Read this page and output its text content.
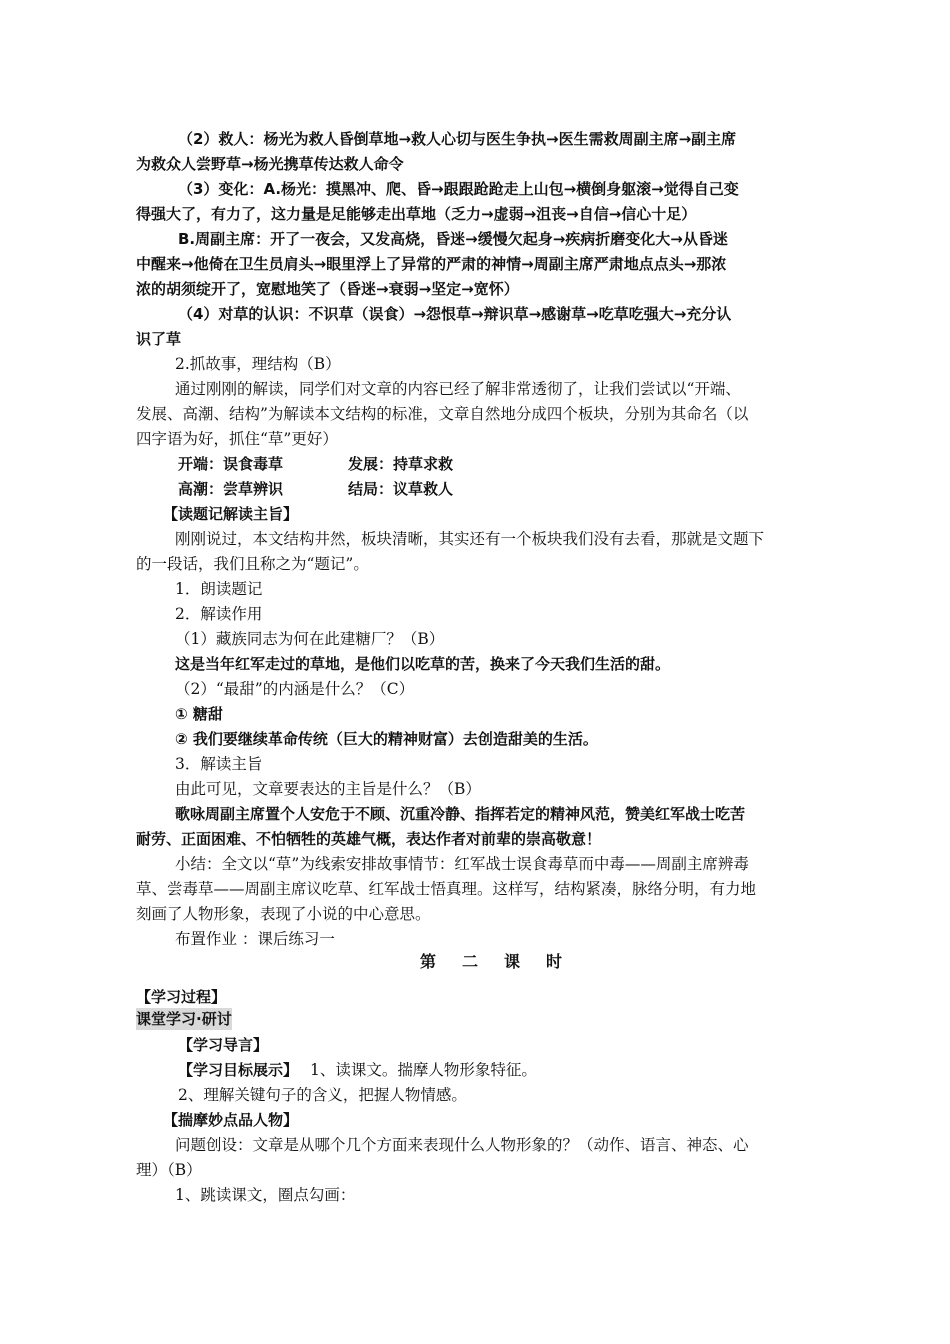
（2）救人：杨光为救人昏倒草地→救人心切与医生争执→医生需救周副主席→副主席
为救众人尝野草→杨光携草传达救人命令
（3）变化：A.杨光：摸黑冲、爬、昏→跟跟跄跄走上山包→横倒身躯滚→觉得自己变
得强大了，有力了，这力量是足能够走出草地（乏力→虚弱→沮丧→自信→信心十足）
B.周副主席：开了一夜会，又发高烧，昏迷→缓慢欠起身→疾病折磨变化大→从昏迷
中醒来→他倚在卫生员肩头→眼里浮上了异常的严肃的神情→周副主席严肃地点点头→那浓
浓的胡须绽开了，宽慰地笑了（昏迷→衰弱→坚定→宽怀）
（4）对草的认识：不识草（误食）→怨恨草→辩识草→感谢草→吃草吃强大→充分认
识了草
2.抓故事，理结构（B）
通过刚刚的解读，同学们对文章的内容已经了解非常透彻了，让我们尝试以“开端、
发展、高潮、结构”为解读本文结构的标准，文章自然地分成四个板块，分别为其命名（以
四字语为好，抓住“草”更好）
开端：误食毒草	发展：持草求救
高潮：尝草辨识	结局：议草救人
【读题记解读主旨】
刚刚说过，本文结构井然，板块清晰，其实还有一个板块我们没有去看，那就是文题下
的一段话，我们且称之为“题记”。
1．朗读题记
2．解读作用
（1）藏族同志为何在此建糖厂？（B）
这是当年红军走过的草地，是他们以吃草的苦，换来了今天我们生活的甜。
（2）“最甜”的内涵是什么？（C）
① 糖甜
② 我们要继续革命传统（巨大的精神财富）去创造甜美的生活。
3．解读主旨
由此可见，文章要表达的主旨是什么？（B）
歌咏周副主席置个人安危于不顾、沉重冷静、指挥若定的精神风范，赞美红军战士吃苦
耐劳、正面困难、不怕牺牲的英雄气概，表达作者对前辈的崇高敬意！
小结：全文以“草”为线索安排故事情节：红军战士误食毒草而中毒——周副主席辨毒
草、尝毒草——周副主席议吃草、红军战士悟真理。这样写，结构紧凑，脉络分明，有力地
刻画了人物形象，表现了小说的中心意思。
布置作业 ：课后练习一
第二课时
【学习过程】
课堂学习·研讨
【学习导言】
【学习目标展示】 1、读课文。揣摩人物形象特征。
2、理解关键句子的含义，把握人物情感。
【揣摩妙点品人物】
问题创设：文章是从哪个几个方面来表现什么人物形象的？（动作、语言、神态、心
理）（B）
1、跳读课文，圈点勾画：
